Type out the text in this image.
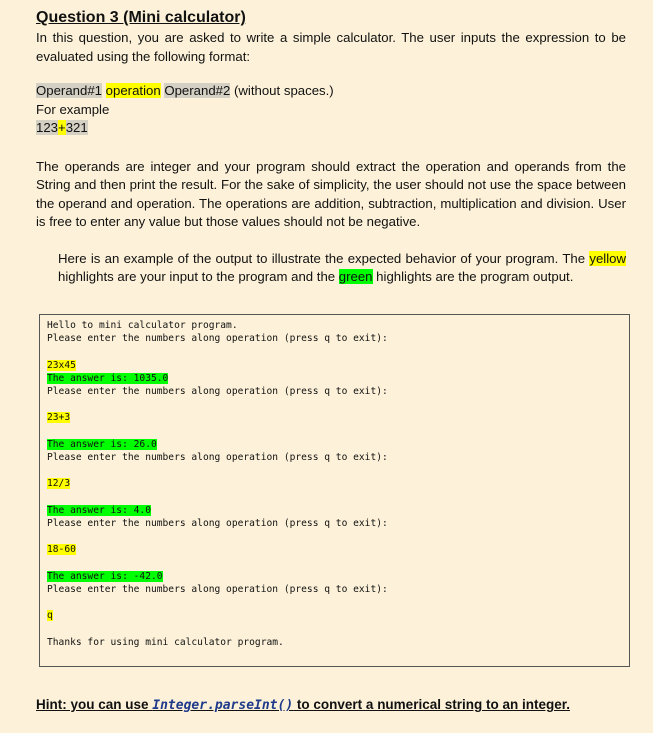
Question 3 (Mini calculator)

In this question, you are asked to write a simple calculator. The user inputs the expression to be evaluated using the following format:

Operand#1 operation Operand#2 (without spaces.)

For example

123+321

The operands are integer and your program should extract the operation and operands from the String and then print the result. For the sake of simplicity, the user should not use the space between the operand and operation. The operations are addition, subtraction, multiplication and division. User is free to enter any value but those values should not be negative.

Here is an example of the output to illustrate the expected behavior of your program. The yellow highlights are your input to the program and the green highlights are the program output.

Hello to mini calculator program.
Please enter the numbers along operation (press q to exit):
23x45
The answer is: 1035.0
Please enter the numbers along operation (press q to exit):
23+3
The answer is: 26.0
Please enter the numbers along operation (press q to exit):
12/3
The answer is: 4.0
Please enter the numbers along operation (press q to exit):
18-60
The answer is: -42.0
Please enter the numbers along operation (press q to exit):
q
Thanks for using mini calculator program.
Hint: you can use Integer.parseInt() to convert a numerical string to an integer.
